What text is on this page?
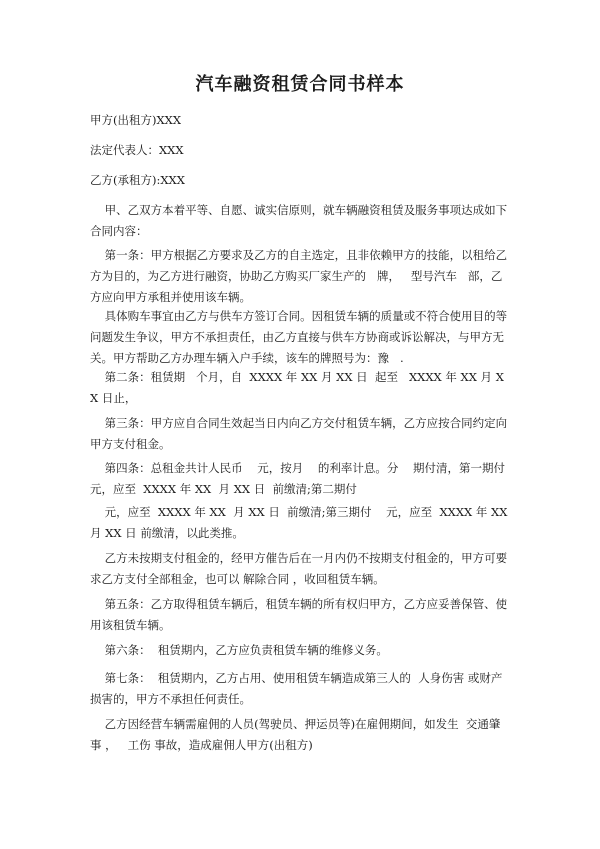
汽车融资租赁合同书样本

甲方(出租方)XXX

法定代表人：XXX

乙方(承租方):XXX

甲、乙双方本着平等、自愿、诚实信原则，就车辆融资租赁及服务事项达成如下合同内容：

第一条：甲方根据乙方要求及乙方的自主选定，且非依赖甲方的技能，以租给乙方为目的，为乙方进行融资，协助乙方购买厂家生产的   牌，   型号汽车   部，乙方应向甲方承租并使用该车辆。

具体购车事宜由乙方与供车方签订合同。因租赁车辆的质量或不符合使用目的等问题发生争议，甲方不承担责任，由乙方直接与供车方协商或诉讼解决，与甲方无关。甲方帮助乙方办理车辆入户手续，该车的牌照号为：豫   .

第二条：租赁期   个月，自  XXXX 年 XX 月 XX 日  起至   XXXX 年 XX 月 XX 日止，

第三条：甲方应自合同生效起当日内向乙方交付租赁车辆，乙方应按合同约定向甲方支付租金。

第四条：总租金共计人民币    元，按月    的利率计息。分    期付清，第一期付    元，应至  XXXX 年 XX  月 XX 日  前缴清;第二期付

元，应至  XXXX 年 XX  月 XX 日  前缴清;第三期付    元，应至  XXXX 年 XX 月 XX 日 前缴清，以此类推。

乙方未按期支付租金的，经甲方催告后在一月内仍不按期支付租金的，甲方可要求乙方支付全部租金，也可以 解除合同 ，收回租赁车辆。

第五条：乙方取得租赁车辆后，租赁车辆的所有权归甲方，乙方应妥善保管、使用该租赁车辆。

第六条：  租赁期内，乙方应负责租赁车辆的维修义务。

第七条：  租赁期内，乙方占用、使用租赁车辆造成第三人的  人身伤害 或财产损害的，甲方不承担任何责任。

乙方因经营车辆需雇佣的人员(驾驶员、押运员等)在雇佣期间，如发生  交通肇事 ，   工伤 事故，造成雇佣人甲方(出租方)
